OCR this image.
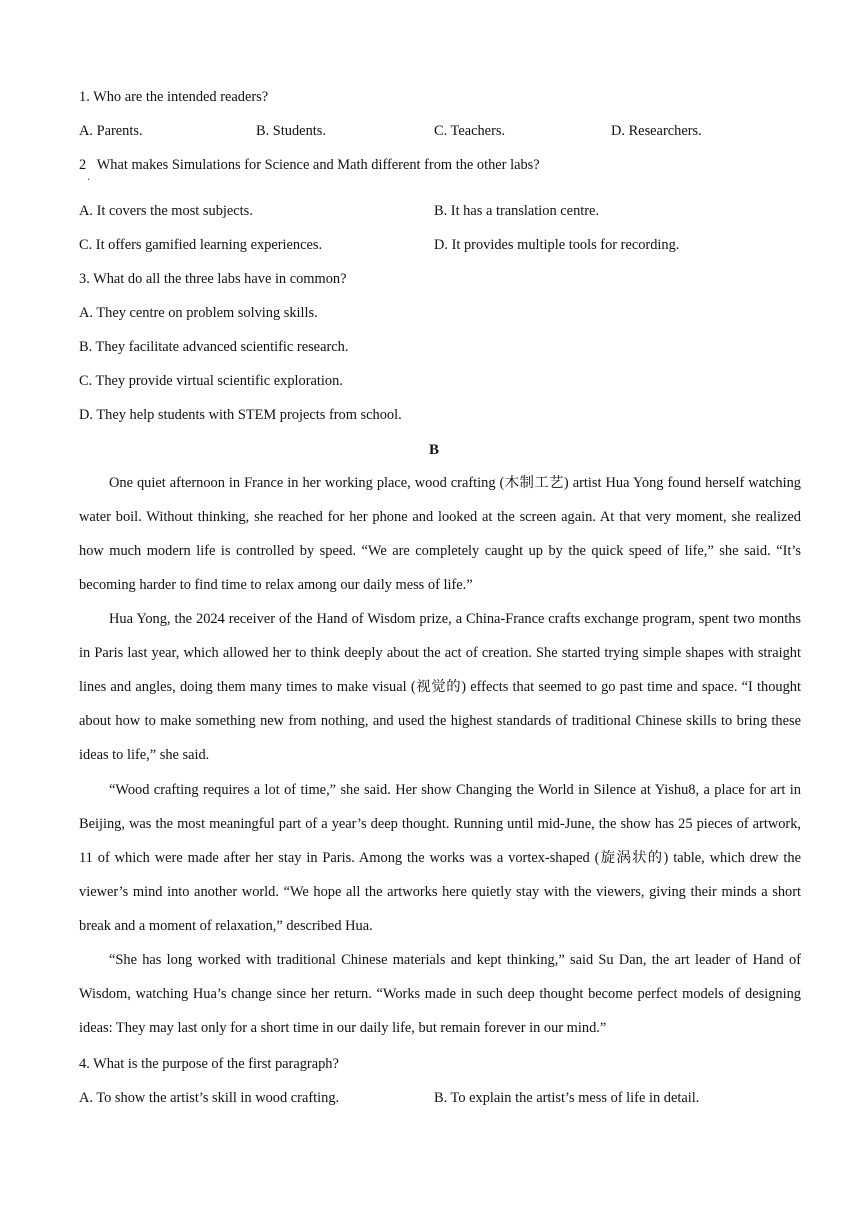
1. Who are the intended readers?
A. Parents.	B. Students.	C. Teachers.	D. Researchers.
2   What makes Simulations for Science and Math different from the other labs?
·
A. It covers the most subjects.	B. It has a translation centre.
C. It offers gamified learning experiences.	D. It provides multiple tools for recording.
3. What do all the three labs have in common?
A. They centre on problem solving skills.
B. They facilitate advanced scientific research.
C. They provide virtual scientific exploration.
D. They help students with STEM projects from school.
B
One quiet afternoon in France in her working place, wood crafting (木制工艺) artist Hua Yong found herself watching water boil. Without thinking, she reached for her phone and looked at the screen again. At that very moment, she realized how much modern life is controlled by speed. “We are completely caught up by the quick speed of life,” she said. “It’s becoming harder to find time to relax among our daily mess of life.”
Hua Yong, the 2024 receiver of the Hand of Wisdom prize, a China-France crafts exchange program, spent two months in Paris last year, which allowed her to think deeply about the act of creation. She started trying simple shapes with straight lines and angles, doing them many times to make visual (视觉的) effects that seemed to go past time and space. “I thought about how to make something new from nothing, and used the highest standards of traditional Chinese skills to bring these ideas to life,” she said.
“Wood crafting requires a lot of time,” she said. Her show Changing the World in Silence at Yishu8, a place for art in Beijing, was the most meaningful part of a year’s deep thought. Running until mid-June, the show has 25 pieces of artwork, 11 of which were made after her stay in Paris. Among the works was a vortex-shaped (旋涡状的) table, which drew the viewer’s mind into another world. “We hope all the artworks here quietly stay with the viewers, giving their minds a short break and a moment of relaxation,” described Hua.
“She has long worked with traditional Chinese materials and kept thinking,” said Su Dan, the art leader of Hand of Wisdom, watching Hua’s change since her return. “Works made in such deep thought become perfect models of designing ideas: They may last only for a short time in our daily life, but remain forever in our mind.”
4. What is the purpose of the first paragraph?
A. To show the artist’s skill in wood crafting.	B. To explain the artist’s mess of life in detail.
